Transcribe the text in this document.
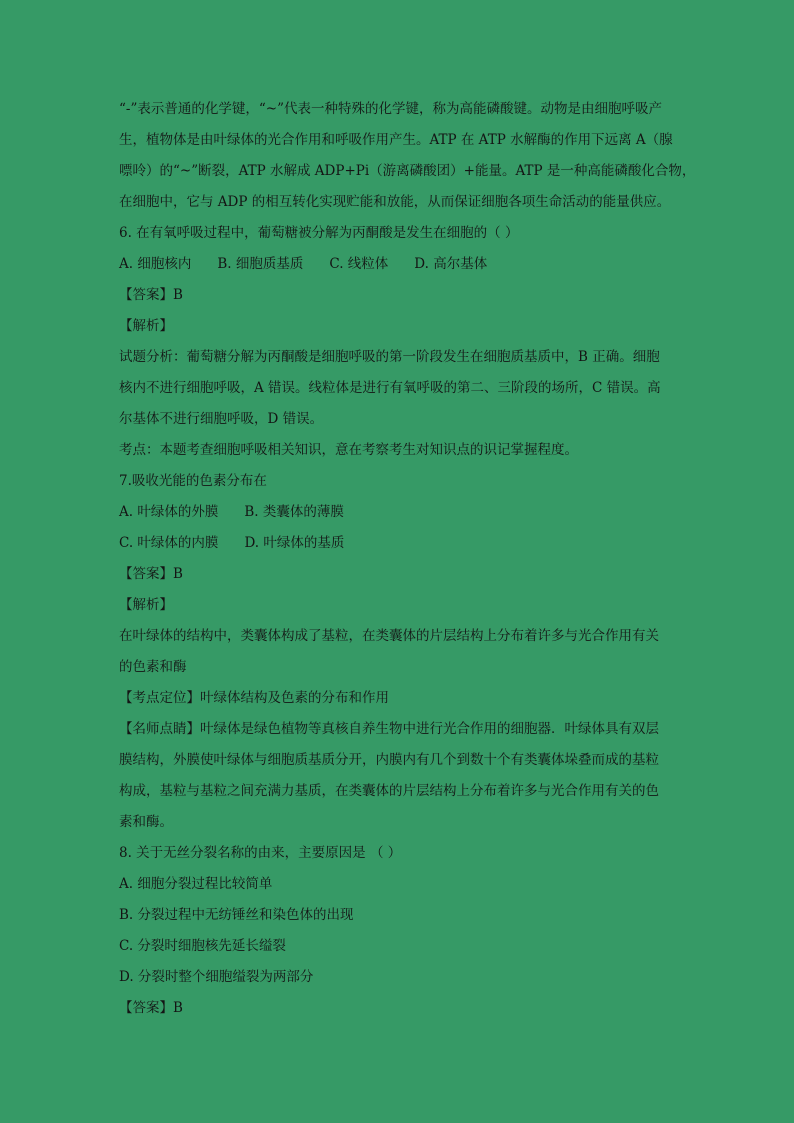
“-”表示普通的化学键，“~”代表一种特殊的化学键，称为高能磷酸键。动物是由细胞呼吸产
生，植物体是由叶绿体的光合作用和呼吸作用产生。ATP 在 ATP 水解酶的作用下远离 A（腺
嘌呤）的“~”断裂，ATP 水解成 ADP+Pi（游离磷酸团）+能量。ATP 是一种高能磷酸化合物，
在细胞中，它与 ADP 的相互转化实现贮能和放能，从而保证细胞各项生命活动的能量供应。
6. 在有氧呼吸过程中，葡萄糖被分解为丙酮酸是发生在细胞的（ ）
A. 细胞核内 B. 细胞质基质 C. 线粒体 D. 高尔基体
【答案】B
【解析】
试题分析：葡萄糖分解为丙酮酸是细胞呼吸的第一阶段发生在细胞质基质中，B 正确。细胞
核内不进行细胞呼吸，A 错误。线粒体是进行有氧呼吸的第二、三阶段的场所，C 错误。高
尔基体不进行细胞呼吸，D 错误。
考点：本题考查细胞呼吸相关知识，意在考察考生对知识点的识记掌握程度。
7.吸收光能的色素分布在
A. 叶绿体的外膜 B. 类囊体的薄膜
C. 叶绿体的内膜 D. 叶绿体的基质
【答案】B
【解析】
在叶绿体的结构中，类囊体构成了基粒，在类囊体的片层结构上分布着许多与光合作用有关
的色素和酶
【考点定位】叶绿体结构及色素的分布和作用
【名师点睛】叶绿体是绿色植物等真核自养生物中进行光合作用的细胞器．叶绿体具有双层
膜结构，外膜使叶绿体与细胞质基质分开，内膜内有几个到数十个有类囊体垛叠而成的基粒
构成，基粒与基粒之间充满力基质，在类囊体的片层结构上分布着许多与光合作用有关的色
素和酶。
8. 关于无丝分裂名称的由来，主要原因是 （ ）
A. 细胞分裂过程比较简单
B. 分裂过程中无纺锤丝和染色体的出现
C. 分裂时细胞核先延长缢裂
D. 分裂时整个细胞缢裂为两部分
【答案】B
